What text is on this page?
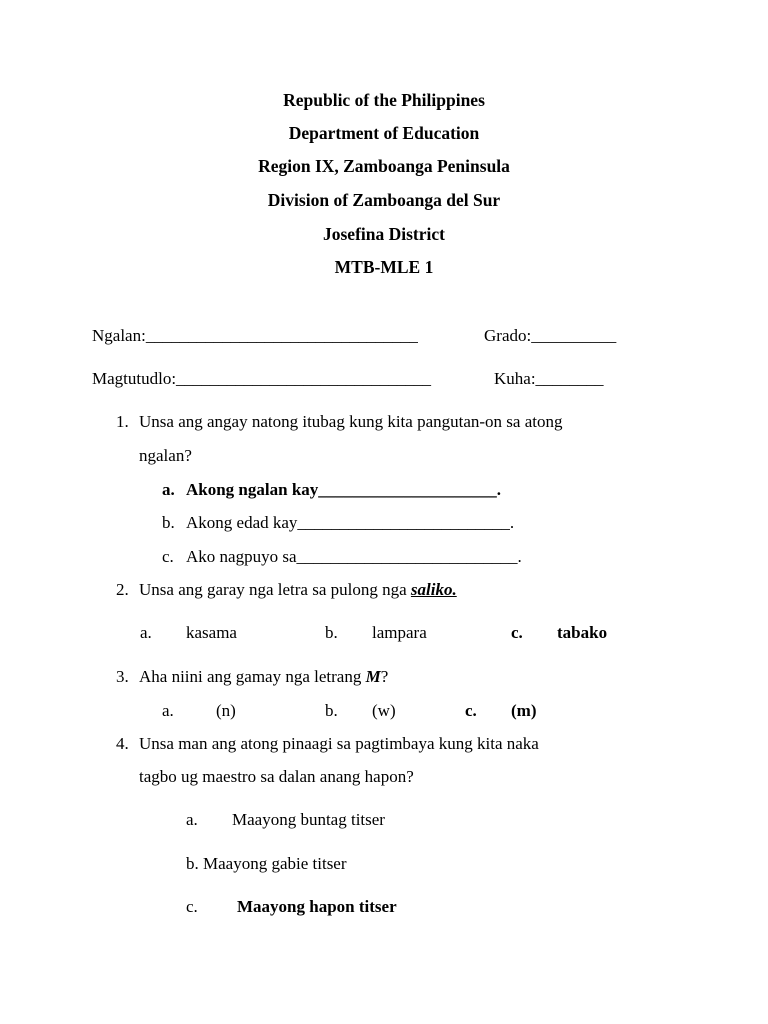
Republic of the Philippines
Department of Education
Region IX, Zamboanga Peninsula
Division of Zamboanga del Sur
Josefina District
MTB-MLE 1
Ngalan:________________________________	Grado:__________
Magtutudlo:______________________________	Kuha:________
1. Unsa ang angay natong itubag kung kita pangutan-on sa atong
ngalan?
a. Akong ngalan kay_____________________.
b. Akong edad kay_________________________.
c. Ako nagpuyo sa__________________________.
2. Unsa ang garay nga letra sa pulong nga saliko.
a. kasama	b. lampara	c. tabako
3. Aha niini ang gamay nga letrang M?
a. (n)	b. (w)	c. (m)
4. Unsa man ang atong pinaagi sa pagtimbaya kung kita naka
tagbo ug maestro sa dalan anang hapon?
a. Maayong buntag titser
b. Maayong gabie titser
c. Maayong hapon titser
